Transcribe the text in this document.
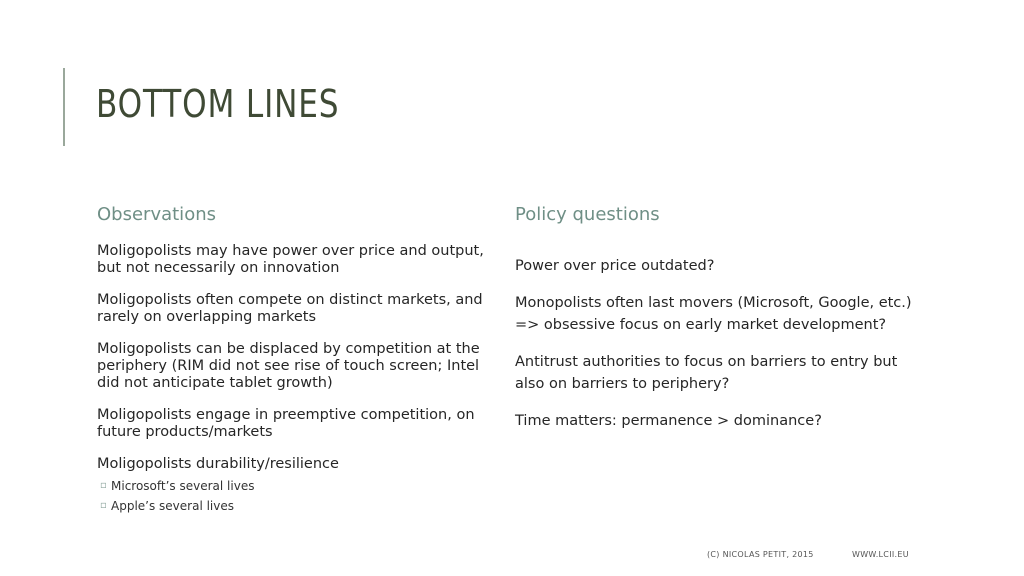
BOTTOM LINES
Observations
Moligopolists may have power over price and output, but not necessarily on innovation
Moligopolists often compete on distinct markets, and rarely on overlapping markets
Moligopolists can be displaced by competition at the periphery (RIM did not see rise of touch screen; Intel did not anticipate tablet growth)
Moligopolists engage in preemptive competition, on future products/markets
Moligopolists durability/resilience
▫ Microsoft’s several lives
▫ Apple’s several lives
Policy questions
Power over price outdated?
Monopolists often last movers (Microsoft, Google, etc.) => obsessive focus on early market development?
Antitrust authorities to focus on barriers to entry but also on barriers to periphery?
Time matters: permanence > dominance?
(C) NICOLAS PETIT, 2015	WWW.LCII.EU
